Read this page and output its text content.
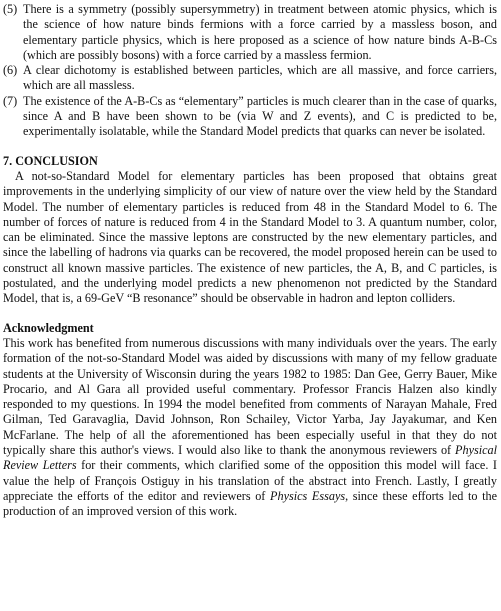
(5) There is a symmetry (possibly supersymmetry) in treatment between atomic physics, which is the science of how nature binds fermions with a force carried by a massless boson, and elementary particle physics, which is here proposed as a science of how nature binds A-B-Cs (which are possibly bosons) with a force carried by a massless fermion.
(6) A clear dichotomy is established between particles, which are all massive, and force carriers, which are all massless.
(7) The existence of the A-B-Cs as “elementary” particles is much clearer than in the case of quarks, since A and B have been shown to be (via W and Z events), and C is predicted to be, experimentally isolatable, while the Standard Model predicts that quarks can never be isolated.
7. CONCLUSION

A not-so-Standard Model for elementary particles has been proposed that obtains great improvements in the underlying simplicity of our view of nature over the view held by the Standard Model. The number of elementary particles is reduced from 48 in the Standard Model to 6. The number of forces of nature is reduced from 4 in the Standard Model to 3. A quantum number, color, can be eliminated. Since the massive leptons are constructed by the new elementary particles, and since the labelling of hadrons via quarks can be recovered, the model proposed herein can be used to construct all known massive particles. The existence of new particles, the A, B, and C particles, is postulated, and the underlying model predicts a new phenomenon not predicted by the Standard Model, that is, a 69-GeV “B resonance” should be observable in hadron and lepton colliders.

Acknowledgment

This work has benefited from numerous discussions with many individuals over the years. The early formation of the not-so-Standard Model was aided by discussions with many of my fellow graduate students at the University of Wisconsin during the years 1982 to 1985: Dan Gee, Gerry Bauer, Mike Procario, and Al Gara all provided useful commentary. Professor Francis Halzen also kindly responded to my questions. In 1994 the model benefited from comments of Narayan Mahale, Fred Gilman, Ted Garavaglia, David Johnson, Ron Schailey, Victor Yarba, Jay Jayakumar, and Ken McFarlane. The help of all the aforementioned has been especially useful in that they do not typically share this author's views. I would also like to thank the anonymous reviewers of Physical Review Letters for their comments, which clarified some of the opposition this model will face. I value the help of François Ostiguy in his translation of the abstract into French. Lastly, I greatly appreciate the efforts of the editor and reviewers of Physics Essays, since these efforts led to the production of an improved version of this work.
